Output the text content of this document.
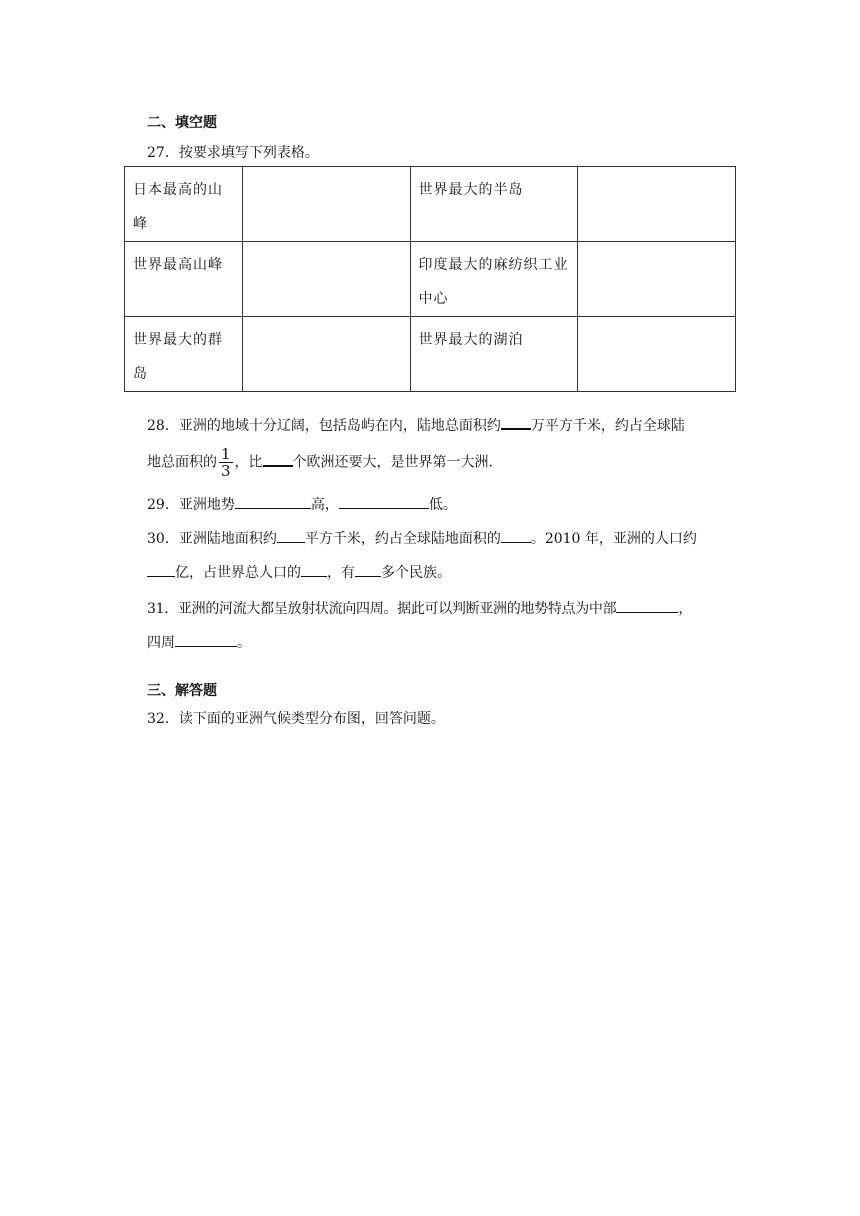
二、填空题
27．按要求填写下列表格。
日本最高的山峰		世界最大的半岛	
世界最高山峰		印度最大的麻纺织工业中心	
世界最大的群岛		世界最大的湖泊	
28．亚洲的地域十分辽阔，包括岛屿在内，陆地总面积约 万平方千米，约占全球陆
地总面积的 $\frac{1}{3}$ ，比 个欧洲还要大，是世界第一大洲.
29．亚洲地势	高，	低。
30．亚洲陆地面积约 平方千米，约占全球陆地面积的 。2010 年，亚洲的人口约
亿，占世界总人口的 ，有 多个民族。
31．亚洲的河流大都呈放射状流向四周。据此可以判断亚洲的地势特点为中部	，
四周	。
三、解答题
32．读下面的亚洲气候类型分布图，回答问题。
